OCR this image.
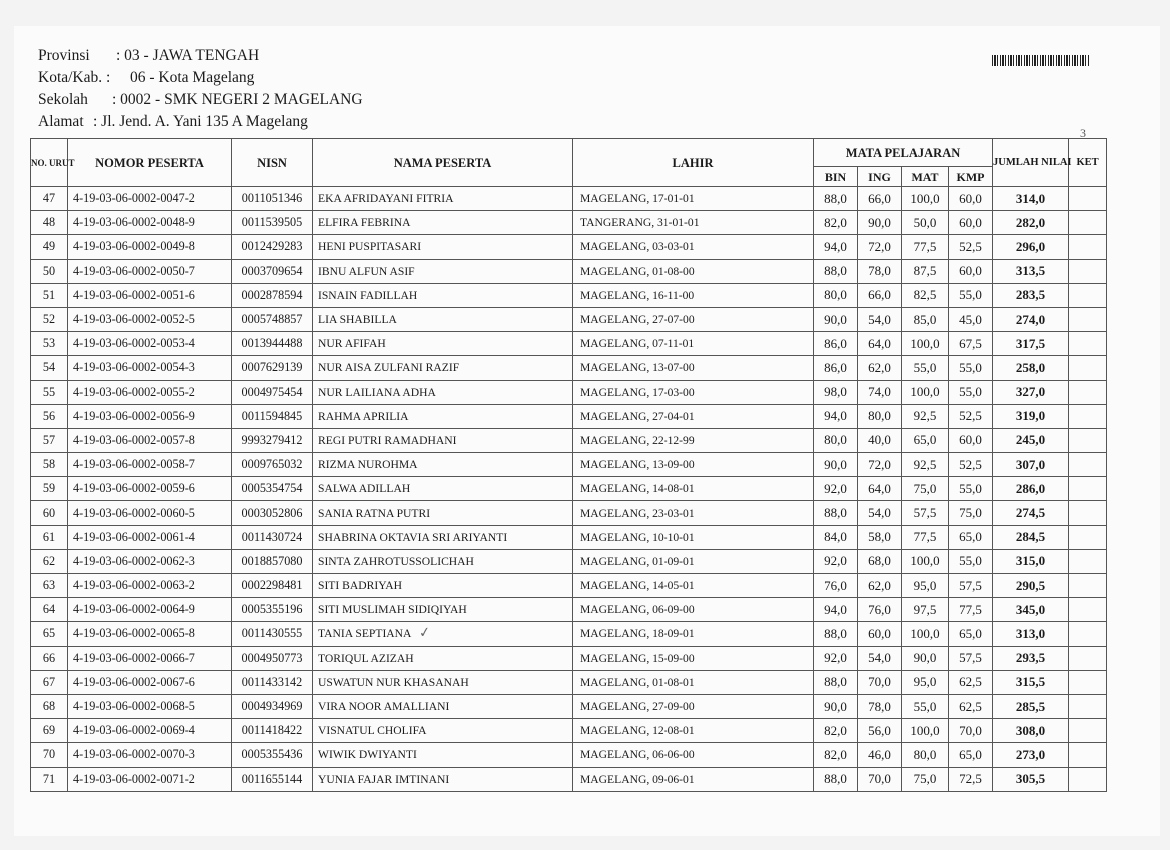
Provinsi	: 03 - JAWA TENGAH
Kota/Kab. :	06 - Kota Magelang
Sekolah	: 0002 - SMK NEGERI 2 MAGELANG
Alamat : Jl. Jend. A. Yani 135 A Magelang
3
NO. URUT	NOMOR PESERTA	NISN	NAMA PESERTA	LAHIR	MATA PELAJARAN				JUMLAH NILAI	KET
					BIN	ING	MAT	KMP		
47	4-19-03-06-0002-0047-2	0011051346	EKA AFRIDAYANI FITRIA	MAGELANG, 17-01-01	88,0	66,0	100,0	60,0	314,0	
48	4-19-03-06-0002-0048-9	0011539505	ELFIRA FEBRINA	TANGERANG, 31-01-01	82,0	90,0	50,0	60,0	282,0	
49	4-19-03-06-0002-0049-8	0012429283	HENI PUSPITASARI	MAGELANG, 03-03-01	94,0	72,0	77,5	52,5	296,0	
50	4-19-03-06-0002-0050-7	0003709654	IBNU ALFUN ASIF	MAGELANG, 01-08-00	88,0	78,0	87,5	60,0	313,5	
51	4-19-03-06-0002-0051-6	0002878594	ISNAIN FADILLAH	MAGELANG, 16-11-00	80,0	66,0	82,5	55,0	283,5	
52	4-19-03-06-0002-0052-5	0005748857	LIA SHABILLA	MAGELANG, 27-07-00	90,0	54,0	85,0	45,0	274,0	
53	4-19-03-06-0002-0053-4	0013944488	NUR AFIFAH	MAGELANG, 07-11-01	86,0	64,0	100,0	67,5	317,5	
54	4-19-03-06-0002-0054-3	0007629139	NUR AISA ZULFANI RAZIF	MAGELANG, 13-07-00	86,0	62,0	55,0	55,0	258,0	
55	4-19-03-06-0002-0055-2	0004975454	NUR LAILIANA ADHA	MAGELANG, 17-03-00	98,0	74,0	100,0	55,0	327,0	
56	4-19-03-06-0002-0056-9	0011594845	RAHMA APRILIA	MAGELANG, 27-04-01	94,0	80,0	92,5	52,5	319,0	
57	4-19-03-06-0002-0057-8	9993279412	REGI PUTRI RAMADHANI	MAGELANG, 22-12-99	80,0	40,0	65,0	60,0	245,0	
58	4-19-03-06-0002-0058-7	0009765032	RIZMA NUROHMA	MAGELANG, 13-09-00	90,0	72,0	92,5	52,5	307,0	
59	4-19-03-06-0002-0059-6	0005354754	SALWA ADILLAH	MAGELANG, 14-08-01	92,0	64,0	75,0	55,0	286,0	
60	4-19-03-06-0002-0060-5	0003052806	SANIA RATNA PUTRI	MAGELANG, 23-03-01	88,0	54,0	57,5	75,0	274,5	
61	4-19-03-06-0002-0061-4	0011430724	SHABRINA OKTAVIA SRI ARIYANTI	MAGELANG, 10-10-01	84,0	58,0	77,5	65,0	284,5	
62	4-19-03-06-0002-0062-3	0018857080	SINTA ZAHROTUSSOLICHAH	MAGELANG, 01-09-01	92,0	68,0	100,0	55,0	315,0	
63	4-19-03-06-0002-0063-2	0002298481	SITI BADRIYAH	MAGELANG, 14-05-01	76,0	62,0	95,0	57,5	290,5	
64	4-19-03-06-0002-0064-9	0005355196	SITI MUSLIMAH SIDIQIYAH	MAGELANG, 06-09-00	94,0	76,0	97,5	77,5	345,0	
65	4-19-03-06-0002-0065-8	0011430555	TANIA SEPTIANA ✓	MAGELANG, 18-09-01	88,0	60,0	100,0	65,0	313,0	
66	4-19-03-06-0002-0066-7	0004950773	TORIQUL AZIZAH	MAGELANG, 15-09-00	92,0	54,0	90,0	57,5	293,5	
67	4-19-03-06-0002-0067-6	0011433142	USWATUN NUR KHASANAH	MAGELANG, 01-08-01	88,0	70,0	95,0	62,5	315,5	
68	4-19-03-06-0002-0068-5	0004934969	VIRA NOOR AMALLIANI	MAGELANG, 27-09-00	90,0	78,0	55,0	62,5	285,5	
69	4-19-03-06-0002-0069-4	0011418422	VISNATUL CHOLIFA	MAGELANG, 12-08-01	82,0	56,0	100,0	70,0	308,0	
70	4-19-03-06-0002-0070-3	0005355436	WIWIK DWIYANTI	MAGELANG, 06-06-00	82,0	46,0	80,0	65,0	273,0	
71	4-19-03-06-0002-0071-2	0011655144	YUNIA FAJAR IMTINANI	MAGELANG, 09-06-01	88,0	70,0	75,0	72,5	305,5	
